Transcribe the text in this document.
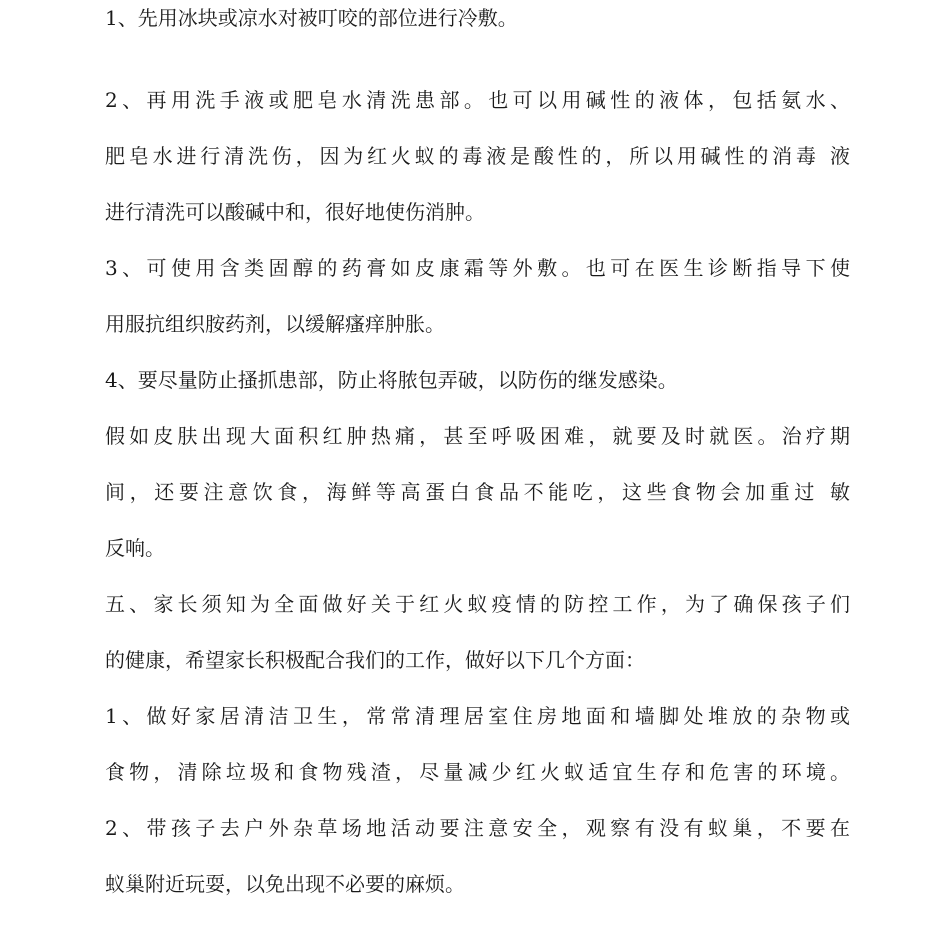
1、先用冰块或凉水对被叮咬的部位进行冷敷。
2、再用洗手液或肥皂水清洗患部。也可以用碱性的液体，包括氨水、
肥皂水进行清洗伤，因为红火蚁的毒液是酸性的，所以用碱性的消毒 液
进行清洗可以酸碱中和，很好地使伤消肿。
3、可使用含类固醇的药膏如皮康霜等外敷。也可在医生诊断指导下使
用服抗组织胺药剂，以缓解瘙痒肿胀。
4、要尽量防止搔抓患部，防止将脓包弄破，以防伤的继发感染。
假如皮肤出现大面积红肿热痛，甚至呼吸困难，就要及时就医。治疗期
间，还要注意饮食，海鲜等高蛋白食品不能吃，这些食物会加重过 敏
反响。
五、家长须知为全面做好关于红火蚁疫情的防控工作，为了确保孩子们
的健康，希望家长积极配合我们的工作，做好以下几个方面：
1、做好家居清洁卫生，常常清理居室住房地面和墙脚处堆放的杂物或
食物，清除垃圾和食物残渣，尽量减少红火蚁适宜生存和危害的环境。
2、带孩子去户外杂草场地活动要注意安全，观察有没有蚁巢，不要在
蚁巢附近玩耍，以免出现不必要的麻烦。
